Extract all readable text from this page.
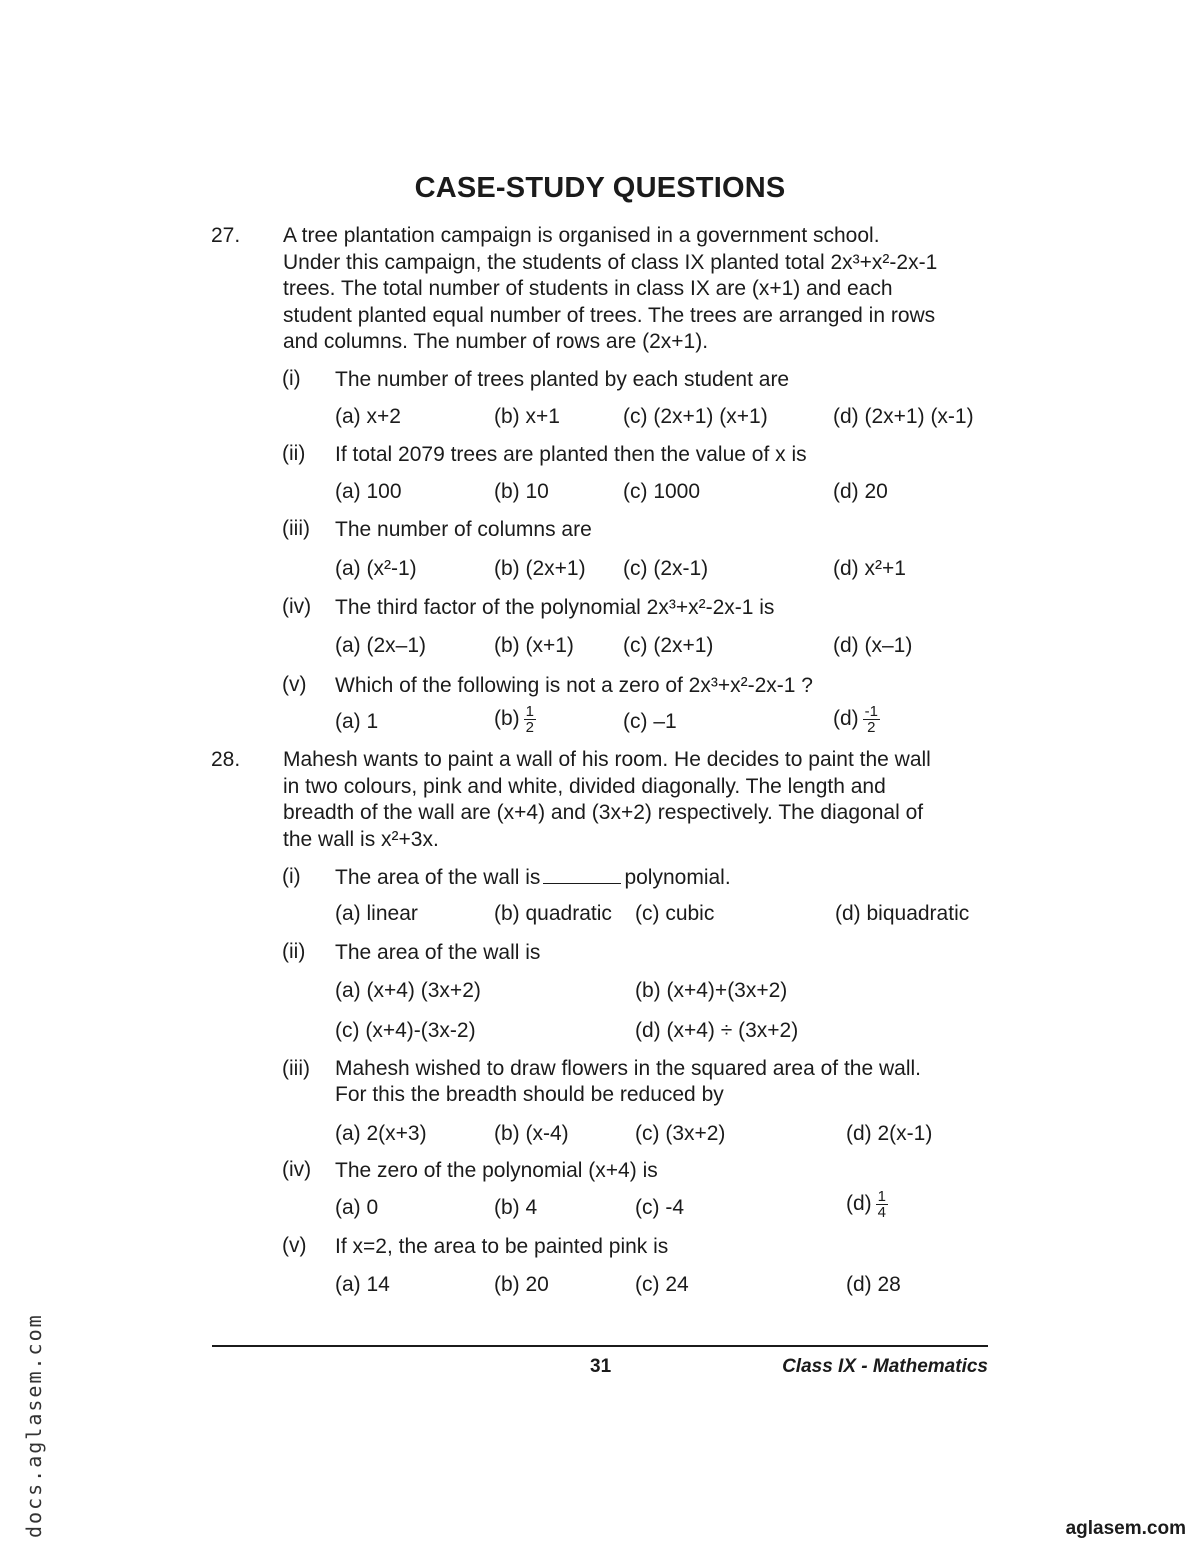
CASE-STUDY QUESTIONS
27. A tree plantation campaign is organised in a government school.
Under this campaign, the students of class IX planted total 2x³+x²-2x-1
trees. The total number of students in class IX are (x+1) and each
student planted equal number of trees. The trees are arranged in rows
and columns. The number of rows are (2x+1).
(i) The number of trees planted by each student are
(a) x+2	(b) x+1	(c) (2x+1) (x+1)	(d) (2x+1) (x-1)
(ii) If total 2079 trees are planted then the value of x is
(a) 100	(b) 10	(c) 1000	(d) 20
(iii) The number of columns are
(a) (x²-1)	(b) (2x+1) (c) (2x-1)	(d) x²+1
(iv) The third factor of the polynomial 2x³+x²-2x-1 is
(a) (2x–1)	(b) (x+1) (c) (2x+1)	(d) (x–1)
(v) Which of the following is not a zero of 2x³+x²-2x-1 ?
(a) 1	$(b) \frac{1}{2}$	(c) –1	$(d) \frac{-1}{2}$
28. Mahesh wants to paint a wall of his room. He decides to paint the wall
in two colours, pink and white, divided diagonally. The length and
breadth of the wall are (x+4) and (3x+2) respectively. The diagonal of
the wall is x²+3x.
(i) The area of the wall is	polynomial.
(a) linear	(b) quadratic (c) cubic	(d) biquadratic
(ii) The area of the wall is
(a) (x+4) (3x+2)	(b) (x+4)+(3x+2)
(c) (x+4)-(3x-2)	(d) (x+4) ÷ (3x+2)
(iii) Mahesh wished to draw flowers in the squared area of the wall.
For this the breadth should be reduced by
(a) 2(x+3)	(b) (x-4)	(c) (3x+2)	(d) 2(x-1)
(iv) The zero of the polynomial (x+4) is
(a) 0	(b) 4	(c) -4	$(d) \frac{1}{4}$
(v) If x=2, the area to be painted pink is
(a) 14	(b) 20	(c) 24	(d) 28
31	Class IX - Mathematics
docs.aglasem.com	aglasem.com
